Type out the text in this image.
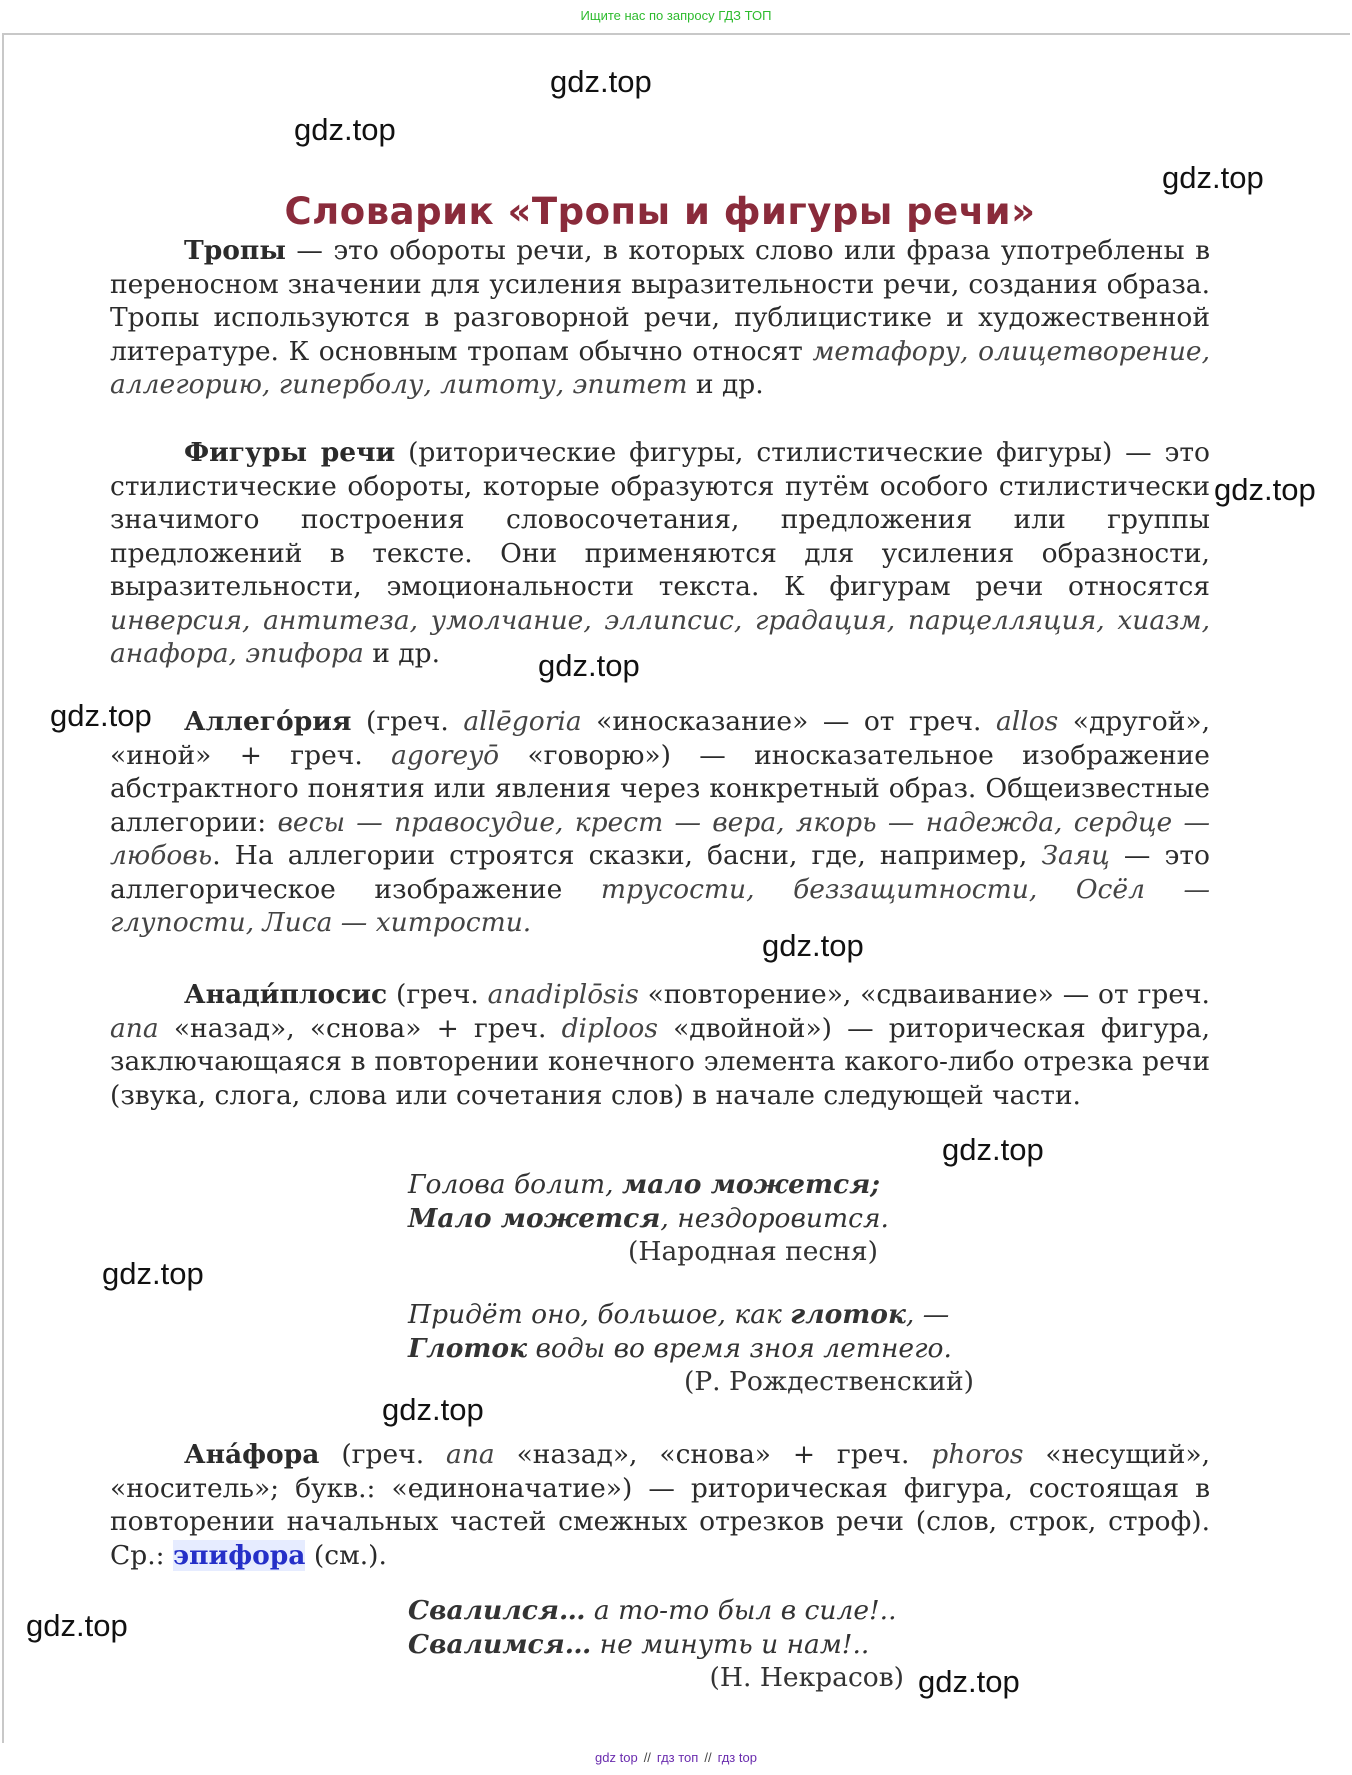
Ищите нас по запросу ГДЗ ТОП
Словарик «Тропы и фигуры речи»

Тропы — это обороты речи, в которых слово или фраза употреблены в переносном значении для усиления выразительности речи, создания образа. Тропы используются в разговорной речи, публицистике и художественной литературе. К основным тропам обычно относят метафору, олицетворение, аллегорию, гиперболу, литоту, эпитет и др.

Фигуры речи (риторические фигуры, стилистические фигуры) — это стилистические обороты, которые образуются путём особого стилистически значимого построения словосочетания, предложения или группы предложений в тексте. Они применяются для усиления образности, выразительности, эмоциональности текста. К фигурам речи относятся инверсия, антитеза, умолчание, эллипсис, градация, парцелляция, хиазм, анафора, эпифора и др.

Аллего́рия (греч. allēgoria «иносказание» — от греч. allos «другой», «иной» + греч. agoreyō «говорю») — иносказательное изображение абстрактного понятия или явления через конкретный образ. Общеизвестные аллегории: весы — правосудие, крест — вера, якорь — надежда, сердце — любовь. На аллегории строятся сказки, басни, где, например, Заяц — это аллегорическое изображение трусости, беззащитности, Осёл — глупости, Лиса — хитрости.

Анади́плосис (греч. anadiplōsis «повторение», «сдваивание» — от греч. ana «назад», «снова» + греч. diploos «двойной») — риторическая фигура, заключающаяся в повторении конечного элемента какого-либо отрезка речи (звука, слога, слова или сочетания слов) в начале следующей части.

Голова болит, мало можется;
Мало можется, нездоровится.
(Народная песня)
Придёт оно, большое, как глоток, —
Глоток воды во время зноя летнего.
(Р. Рождественский)

Ана́фора (греч. ana «назад», «снова» + греч. phoros «несущий», «носитель»; букв.: «единоначатие») — риторическая фигура, состоящая в повторении начальных частей смежных отрезков речи (слов, строк, строф). Ср.: эпифора (см.).

Свалился… а то-то был в силе!..
Свалимся… не минуть и нам!..
(Н. Некрасов)
gdz.top
gdz.top
gdz.top
gdz.top
gdz.top
gdz.top
gdz.top
gdz.top
gdz.top
gdz.top
gdz.top
gdz.top
gdz top // гдз топ // гдз top
